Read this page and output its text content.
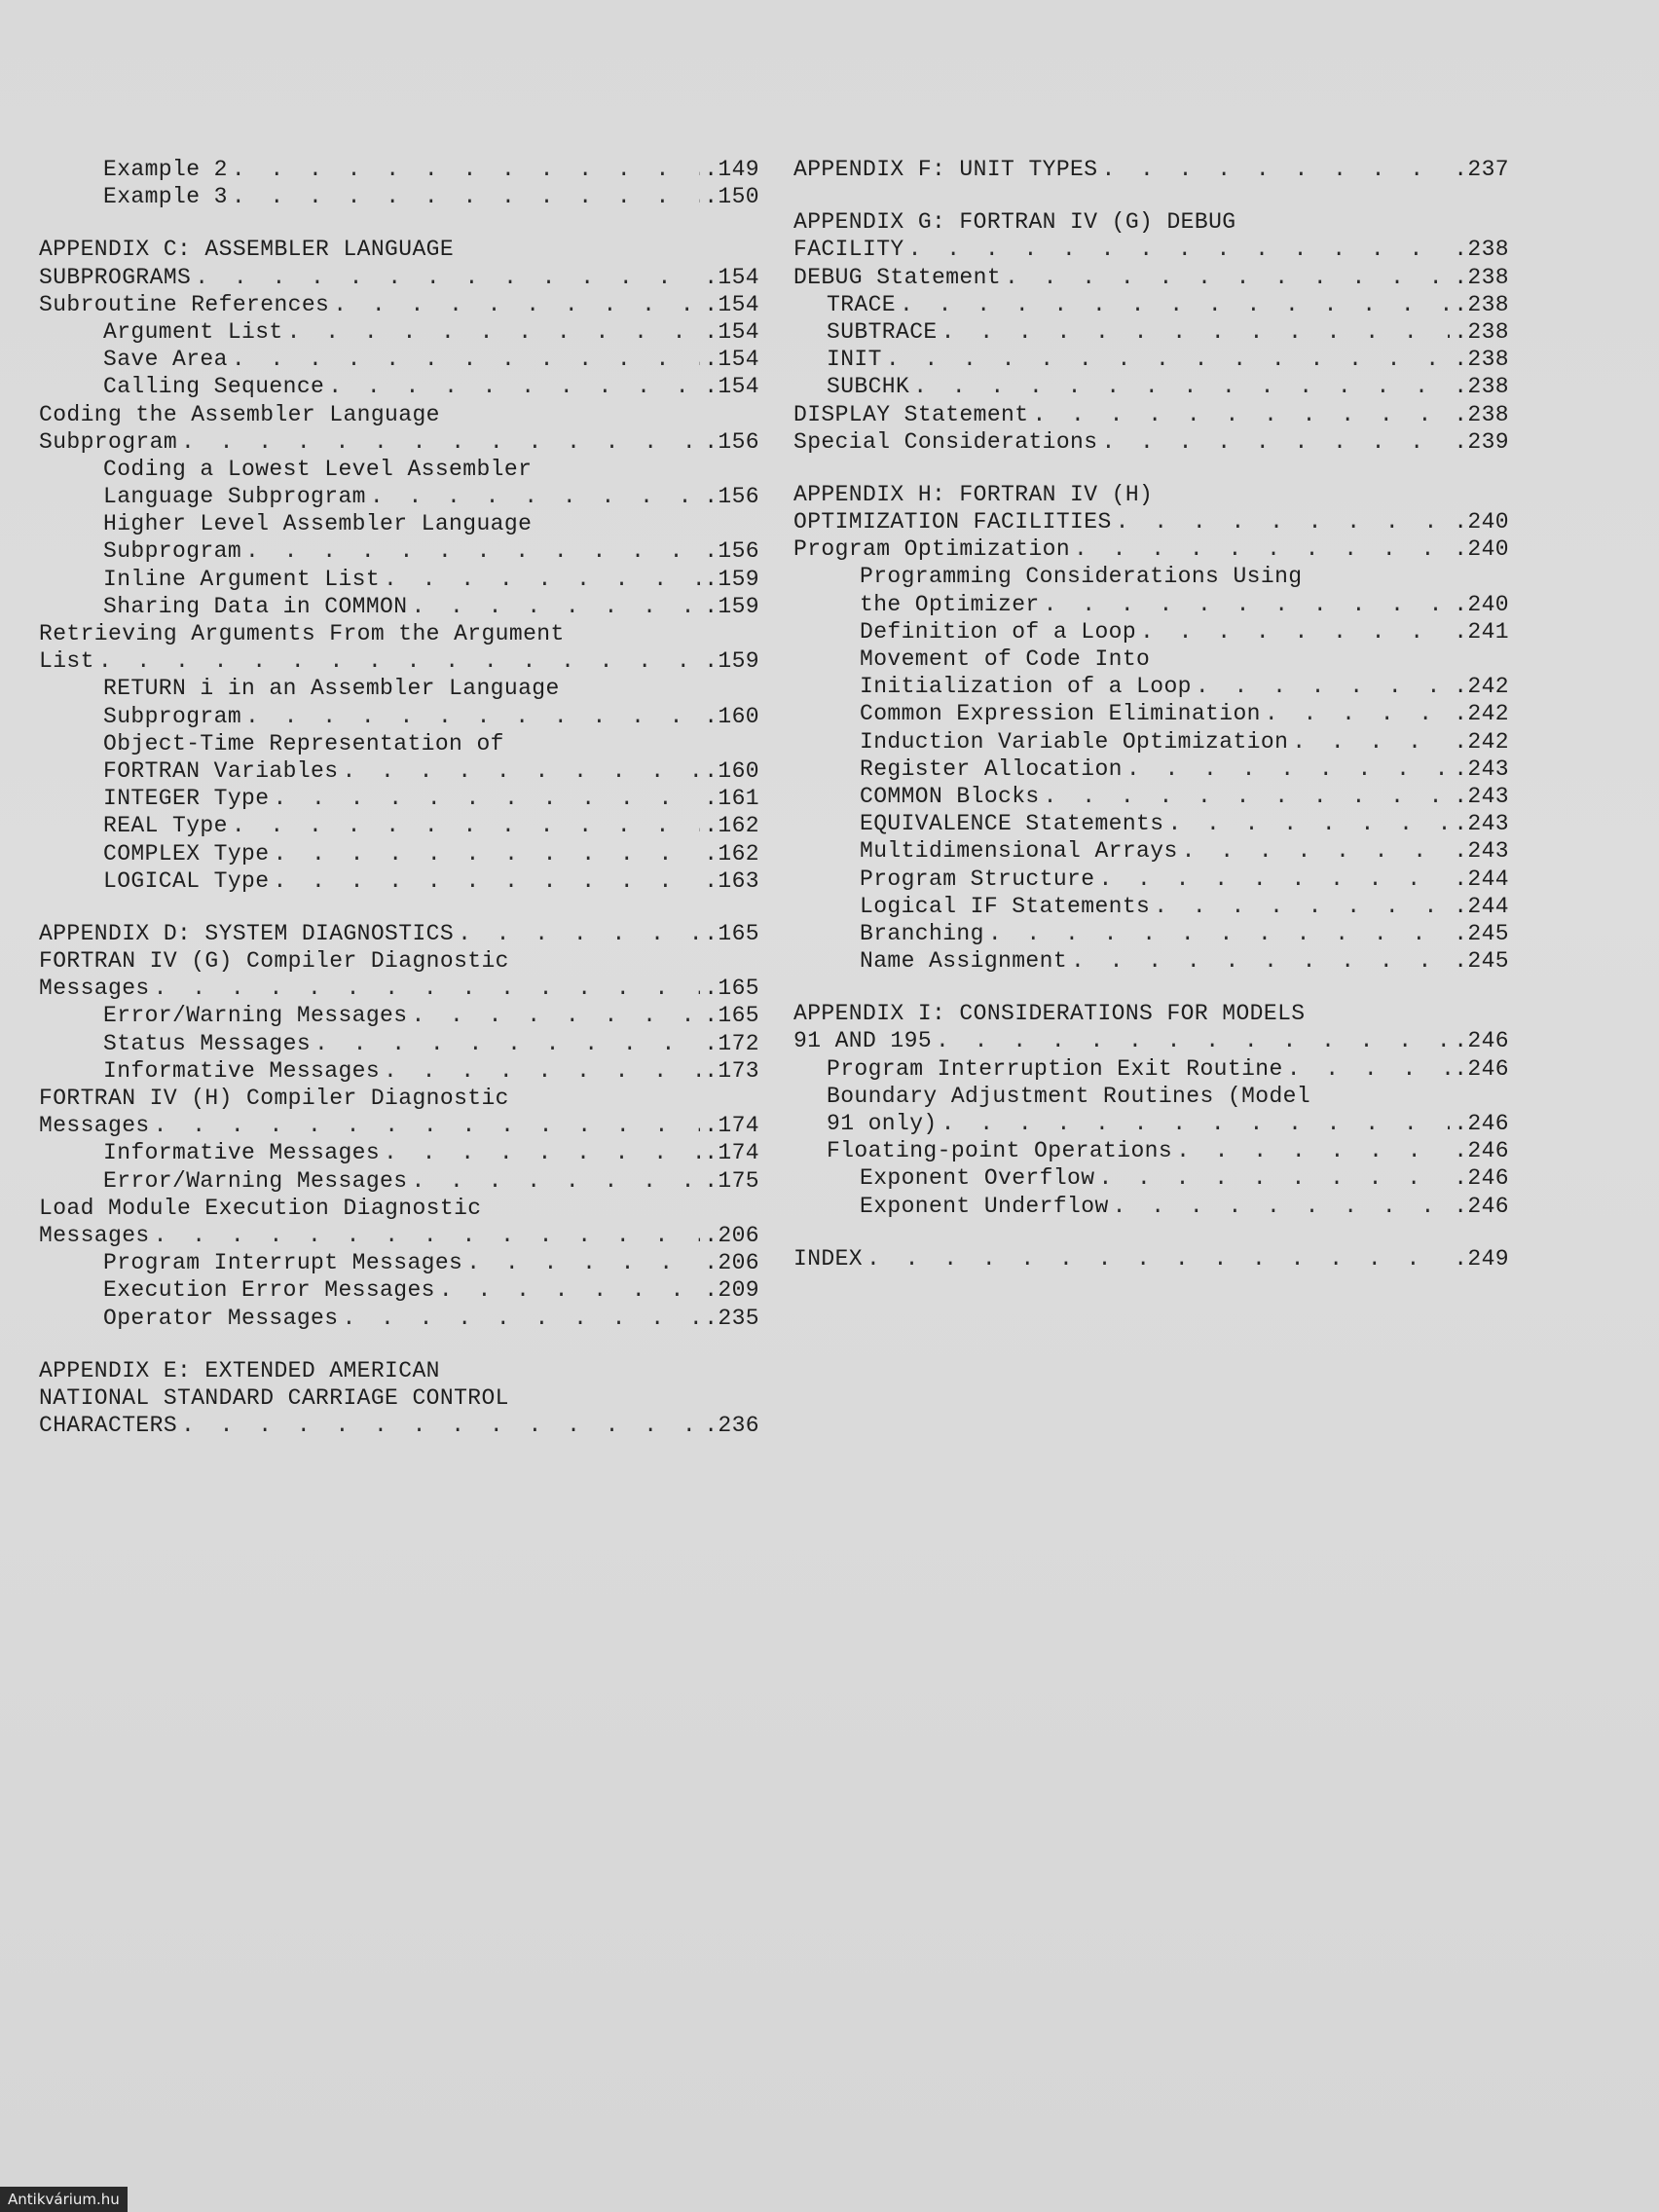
Example 2 . . .	.149
Example 3 . . .	.150
APPENDIX C: ASSEMBLER LANGUAGE
SUBPROGRAMS . . .	.154
Subroutine References . . .	.154
Argument List . . .	.154
Save Area . . .	.154
Calling Sequence . . .	.154
Coding the Assembler Language
Subprogram . . .	.156
Coding a Lowest Level Assembler
Language Subprogram . . .	.156
Higher Level Assembler Language
Subprogram . . .	.156
Inline Argument List . . .	.159
Sharing Data in COMMON . . .	.159
Retrieving Arguments From the Argument
List . . .	.159
RETURN i in an Assembler Language
Subprogram . . .	.160
Object-Time Representation of
FORTRAN Variables . . .	.160
INTEGER Type . . .	.161
REAL Type . . .	.162
COMPLEX Type . . .	.162
LOGICAL Type . . .	.163
APPENDIX D: SYSTEM DIAGNOSTICS . . .	.165
FORTRAN IV (G) Compiler Diagnostic
Messages . . .	.165
Error/Warning Messages . . .	.165
Status Messages . . .	.172
Informative Messages . . .	.173
FORTRAN IV (H) Compiler Diagnostic
Messages . . .	.174
Informative Messages . . .	.174
Error/Warning Messages . . .	.175
Load Module Execution Diagnostic
Messages . . .	.206
Program Interrupt Messages . . .	.206
Execution Error Messages . . .	.209
Operator Messages . . .	.235
APPENDIX E: EXTENDED AMERICAN
NATIONAL STANDARD CARRIAGE CONTROL
CHARACTERS . . .	.236
APPENDIX F: UNIT TYPES . . .	.237
APPENDIX G: FORTRAN IV (G) DEBUG
FACILITY . . .	.238
DEBUG Statement . . .	.238
TRACE . . .	.238
SUBTRACE . . .	.238
INIT . . .	.238
SUBCHK . . .	.238
DISPLAY Statement . . .	.238
Special Considerations . . .	.239
APPENDIX H: FORTRAN IV (H)
OPTIMIZATION FACILITIES . . .	.240
Program Optimization . . .	.240
Programming Considerations Using
the Optimizer . . .	.240
Definition of a Loop . . .	.241
Movement of Code Into
Initialization of a Loop . . .	.242
Common Expression Elimination . . .	.242
Induction Variable Optimization . . .	.242
Register Allocation . . .	.243
COMMON Blocks . . .	.243
EQUIVALENCE Statements . . .	.243
Multidimensional Arrays . . .	.243
Program Structure . . .	.244
Logical IF Statements . . .	.244
Branching . . .	.245
Name Assignment . . .	.245
APPENDIX I: CONSIDERATIONS FOR MODELS
91 AND 195 . . .	.246
Program Interruption Exit Routine . . .	.246
Boundary Adjustment Routines (Model
91 only) . . .	.246
Floating-point Operations . . .	.246
Exponent Overflow . . .	.246
Exponent Underflow . . .	.246
INDEX . . .	.249
Antikvárium.hu
